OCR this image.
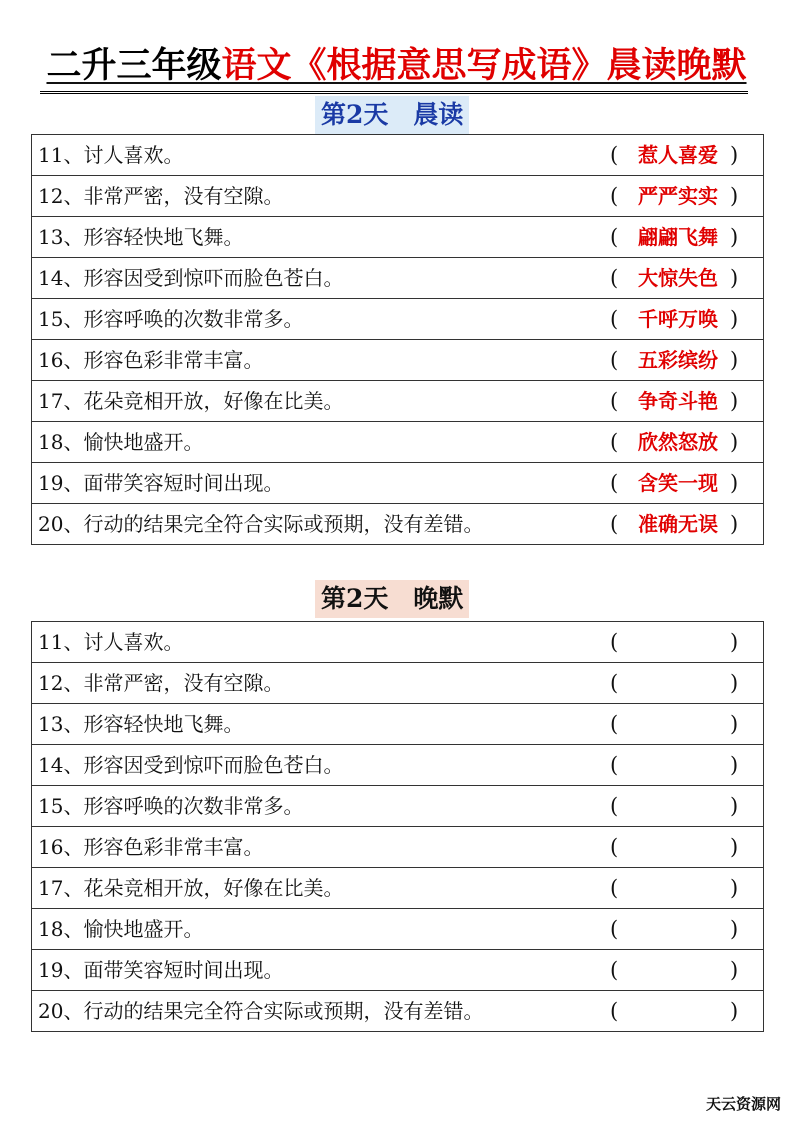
二升三年级语文《根据意思写成语》晨读晚默
第2天　晨读
11、讨人喜欢。	( 惹人喜爱 )
12、非常严密，没有空隙。	( 严严实实 )
13、形容轻快地飞舞。	( 翩翩飞舞 )
14、形容因受到惊吓而脸色苍白。	( 大惊失色 )
15、形容呼唤的次数非常多。	( 千呼万唤 )
16、形容色彩非常丰富。	( 五彩缤纷 )
17、花朵竞相开放，好像在比美。	( 争奇斗艳 )
18、愉快地盛开。	( 欣然怒放 )
19、面带笑容短时间出现。	( 含笑一现 )
20、行动的结果完全符合实际或预期，没有差错。	( 准确无误 )
第2天　晚默
11、讨人喜欢。	(	)
12、非常严密，没有空隙。	(	)
13、形容轻快地飞舞。	(	)
14、形容因受到惊吓而脸色苍白。	(	)
15、形容呼唤的次数非常多。	(	)
16、形容色彩非常丰富。	(	)
17、花朵竞相开放，好像在比美。	(	)
18、愉快地盛开。	(	)
19、面带笑容短时间出现。	(	)
20、行动的结果完全符合实际或预期，没有差错。	(	)
天云资源网
